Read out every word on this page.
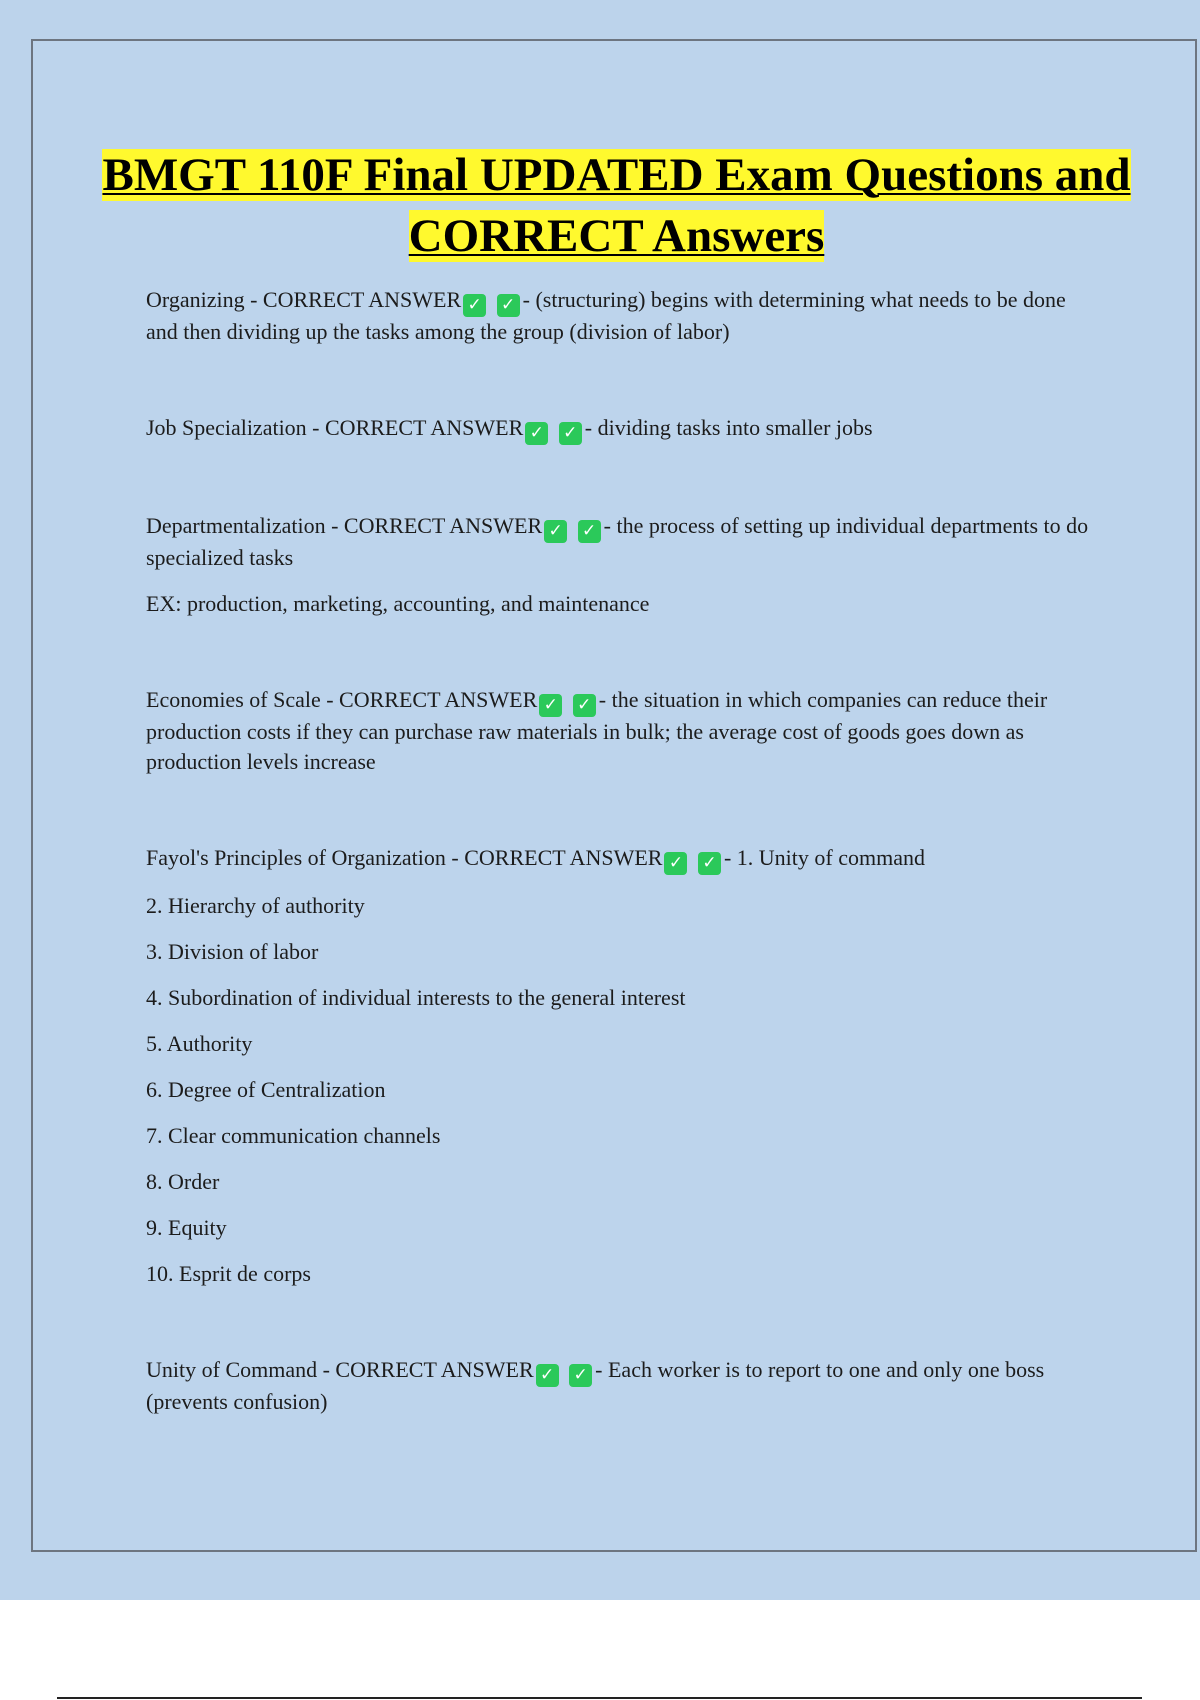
BMGT 110F Final UPDATED Exam Questions and CORRECT Answers

Organizing - CORRECT ANSWER ✓ ✓ - (structuring) begins with determining what needs to be done and then dividing up the tasks among the group (division of labor)

Job Specialization - CORRECT ANSWER ✓ ✓ - dividing tasks into smaller jobs

Departmentalization - CORRECT ANSWER ✓ ✓ - the process of setting up individual departments to do specialized tasks

EX: production, marketing, accounting, and maintenance

Economies of Scale - CORRECT ANSWER ✓ ✓ - the situation in which companies can reduce their production costs if they can purchase raw materials in bulk; the average cost of goods goes down as production levels increase

Fayol's Principles of Organization - CORRECT ANSWER ✓ ✓ - 1. Unity of command

2. Hierarchy of authority

3. Division of labor

4. Subordination of individual interests to the general interest

5. Authority

6. Degree of Centralization

7. Clear communication channels

8. Order

9. Equity

10. Esprit de corps

Unity of Command - CORRECT ANSWER ✓ ✓ - Each worker is to report to one and only one boss (prevents confusion)
